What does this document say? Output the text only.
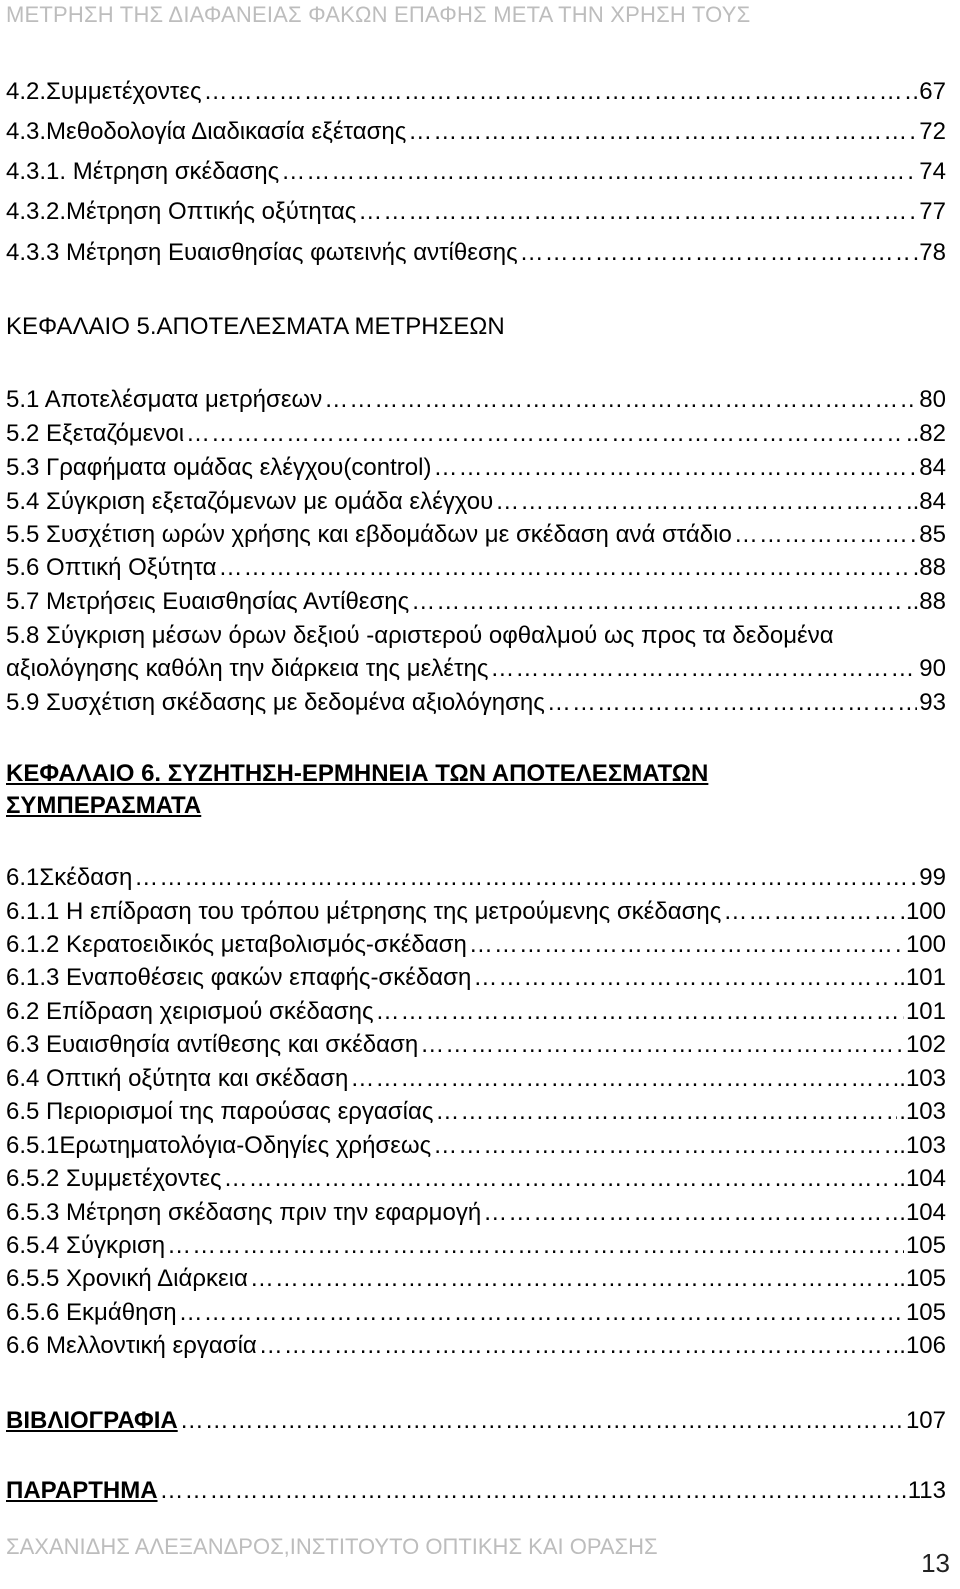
ΜΕΤΡΗΣΗ ΤΗΣ ΔΙΑΦΑΝΕΙΑΣ ΦΑΚΩΝ ΕΠΑΦΗΣ ΜΕΤΑ ΤΗΝ ΧΡΗΣΗ ΤΟΥΣ
4.2.Συμμετέχοντες ………………………………………………………………………………………………………………………………………………………………	67
4.3.Μεθοδολογία Διαδικασία εξέτασης ………………………………………………………………………………………………………………………………………………………………	72
4.3.1. Μέτρηση σκέδασης ………………………………………………………………………………………………………………………………………………………………	74
4.3.2.Μέτρηση Οπτικής οξύτητας ………………………………………………………………………………………………………………………………………………………………	77
4.3.3 Μέτρηση Ευαισθησίας φωτεινής αντίθεσης ………………………………………………………………………………………………………………………………………………………………	.78
ΚΕΦΑΛΑΙΟ 5.ΑΠΟΤΕΛΕΣΜΑΤΑ ΜΕΤΡΗΣΕΩΝ
5.1 Αποτελέσματα μετρήσεων ………………………………………………………………………………………………………………………………………………………………	80
5.2 Εξεταζόμενοι ………………………………………………………………………………………………………………………………………………………………	..82
5.3 Γραφήματα ομάδας ελέγχου(control) ………………………………………………………………………………………………………………………………………………………………	84
5.4 Σύγκριση εξεταζόμενων με ομάδα ελέγχου ………………………………………………………………………………………………………………………………………………………………	..84
5.5 Συσχέτιση ωρών χρήσης και εβδομάδων με σκέδαση ανά στάδιο ………………………………………………………………………………………………………………………………………………………………	85
5.6 Οπτική Οξύτητα ………………………………………………………………………………………………………………………………………………………………	.88
5.7 Μετρήσεις Ευαισθησίας Αντίθεσης ………………………………………………………………………………………………………………………………………………………………	..88
5.8 Σύγκριση μέσων όρων δεξιού -αριστερού οφθαλμού ως προς τα δεδομένα
αξιολόγησης καθόλη την διάρκεια της μελέτης ………………………………………………………………………………………………………………………………………………………………	90
5.9 Συσχέτιση σκέδασης με δεδομένα αξιολόγησης ………………………………………………………………………………………………………………………………………………………………	93
ΚΕΦΑΛΑΙΟ 6. ΣΥΖΗΤΗΣΗ-ΕΡΜΗΝΕΙΑ ΤΩΝ ΑΠΟΤΕΛΕΣΜΑΤΩΝ
ΣΥΜΠΕΡΑΣΜΑΤΑ
6.1Σκέδαση ………………………………………………………………………………………………………………………………………………………………	99
6.1.1 Η επίδραση του τρόπου μέτρησης της μετρούμενης σκέδασης ………………………………………………………………………………………………………………………………………………………………	100
6.1.2 Κερατοειδικός μεταβολισμός-σκέδαση ………………………………………………………………………………………………………………………………………………………………	100
6.1.3 Εναποθέσεις φακών επαφής-σκέδαση ………………………………………………………………………………………………………………………………………………………………	..101
6.2 Επίδραση χειρισμού σκέδασης ………………………………………………………………………………………………………………………………………………………………	101
6.3 Ευαισθησία αντίθεσης και σκέδαση ………………………………………………………………………………………………………………………………………………………………	102
6.4 Οπτική οξύτητα και σκέδαση ………………………………………………………………………………………………………………………………………………………………	..103
6.5 Περιορισμοί της παρούσας εργασίας ………………………………………………………………………………………………………………………………………………………………	.103
6.5.1Ερωτηματολόγια-Οδηγίες χρήσεως ………………………………………………………………………………………………………………………………………………………………	..103
6.5.2 Συμμετέχοντες ………………………………………………………………………………………………………………………………………………………………	..104
6.5.3 Μέτρηση σκέδασης πριν την εφαρμογή ………………………………………………………………………………………………………………………………………………………………	.104
6.5.4 Σύγκριση ………………………………………………………………………………………………………………………………………………………………	105
6.5.5 Χρονική Διάρκεια ………………………………………………………………………………………………………………………………………………………………	..105
6.5.6 Εκμάθηση ………………………………………………………………………………………………………………………………………………………………	105
6.6 Μελλοντική εργασία ………………………………………………………………………………………………………………………………………………………………	..106
ΒΙΒΛΙΟΓΡΑΦΙΑ ………………………………………………………………………………………………………………………………………………………………	107
ΠΑΡΑΡΤΗΜΑ ………………………………………………………………………………………………………………………………………………………………	113
ΣΑΧΑΝΙΔΗΣ ΑΛΕΞΑΝΔΡΟΣ,ΙΝΣΤΙΤΟΥΤΟ ΟΠΤΙΚΗΣ ΚΑΙ ΟΡΑΣΗΣ
13
